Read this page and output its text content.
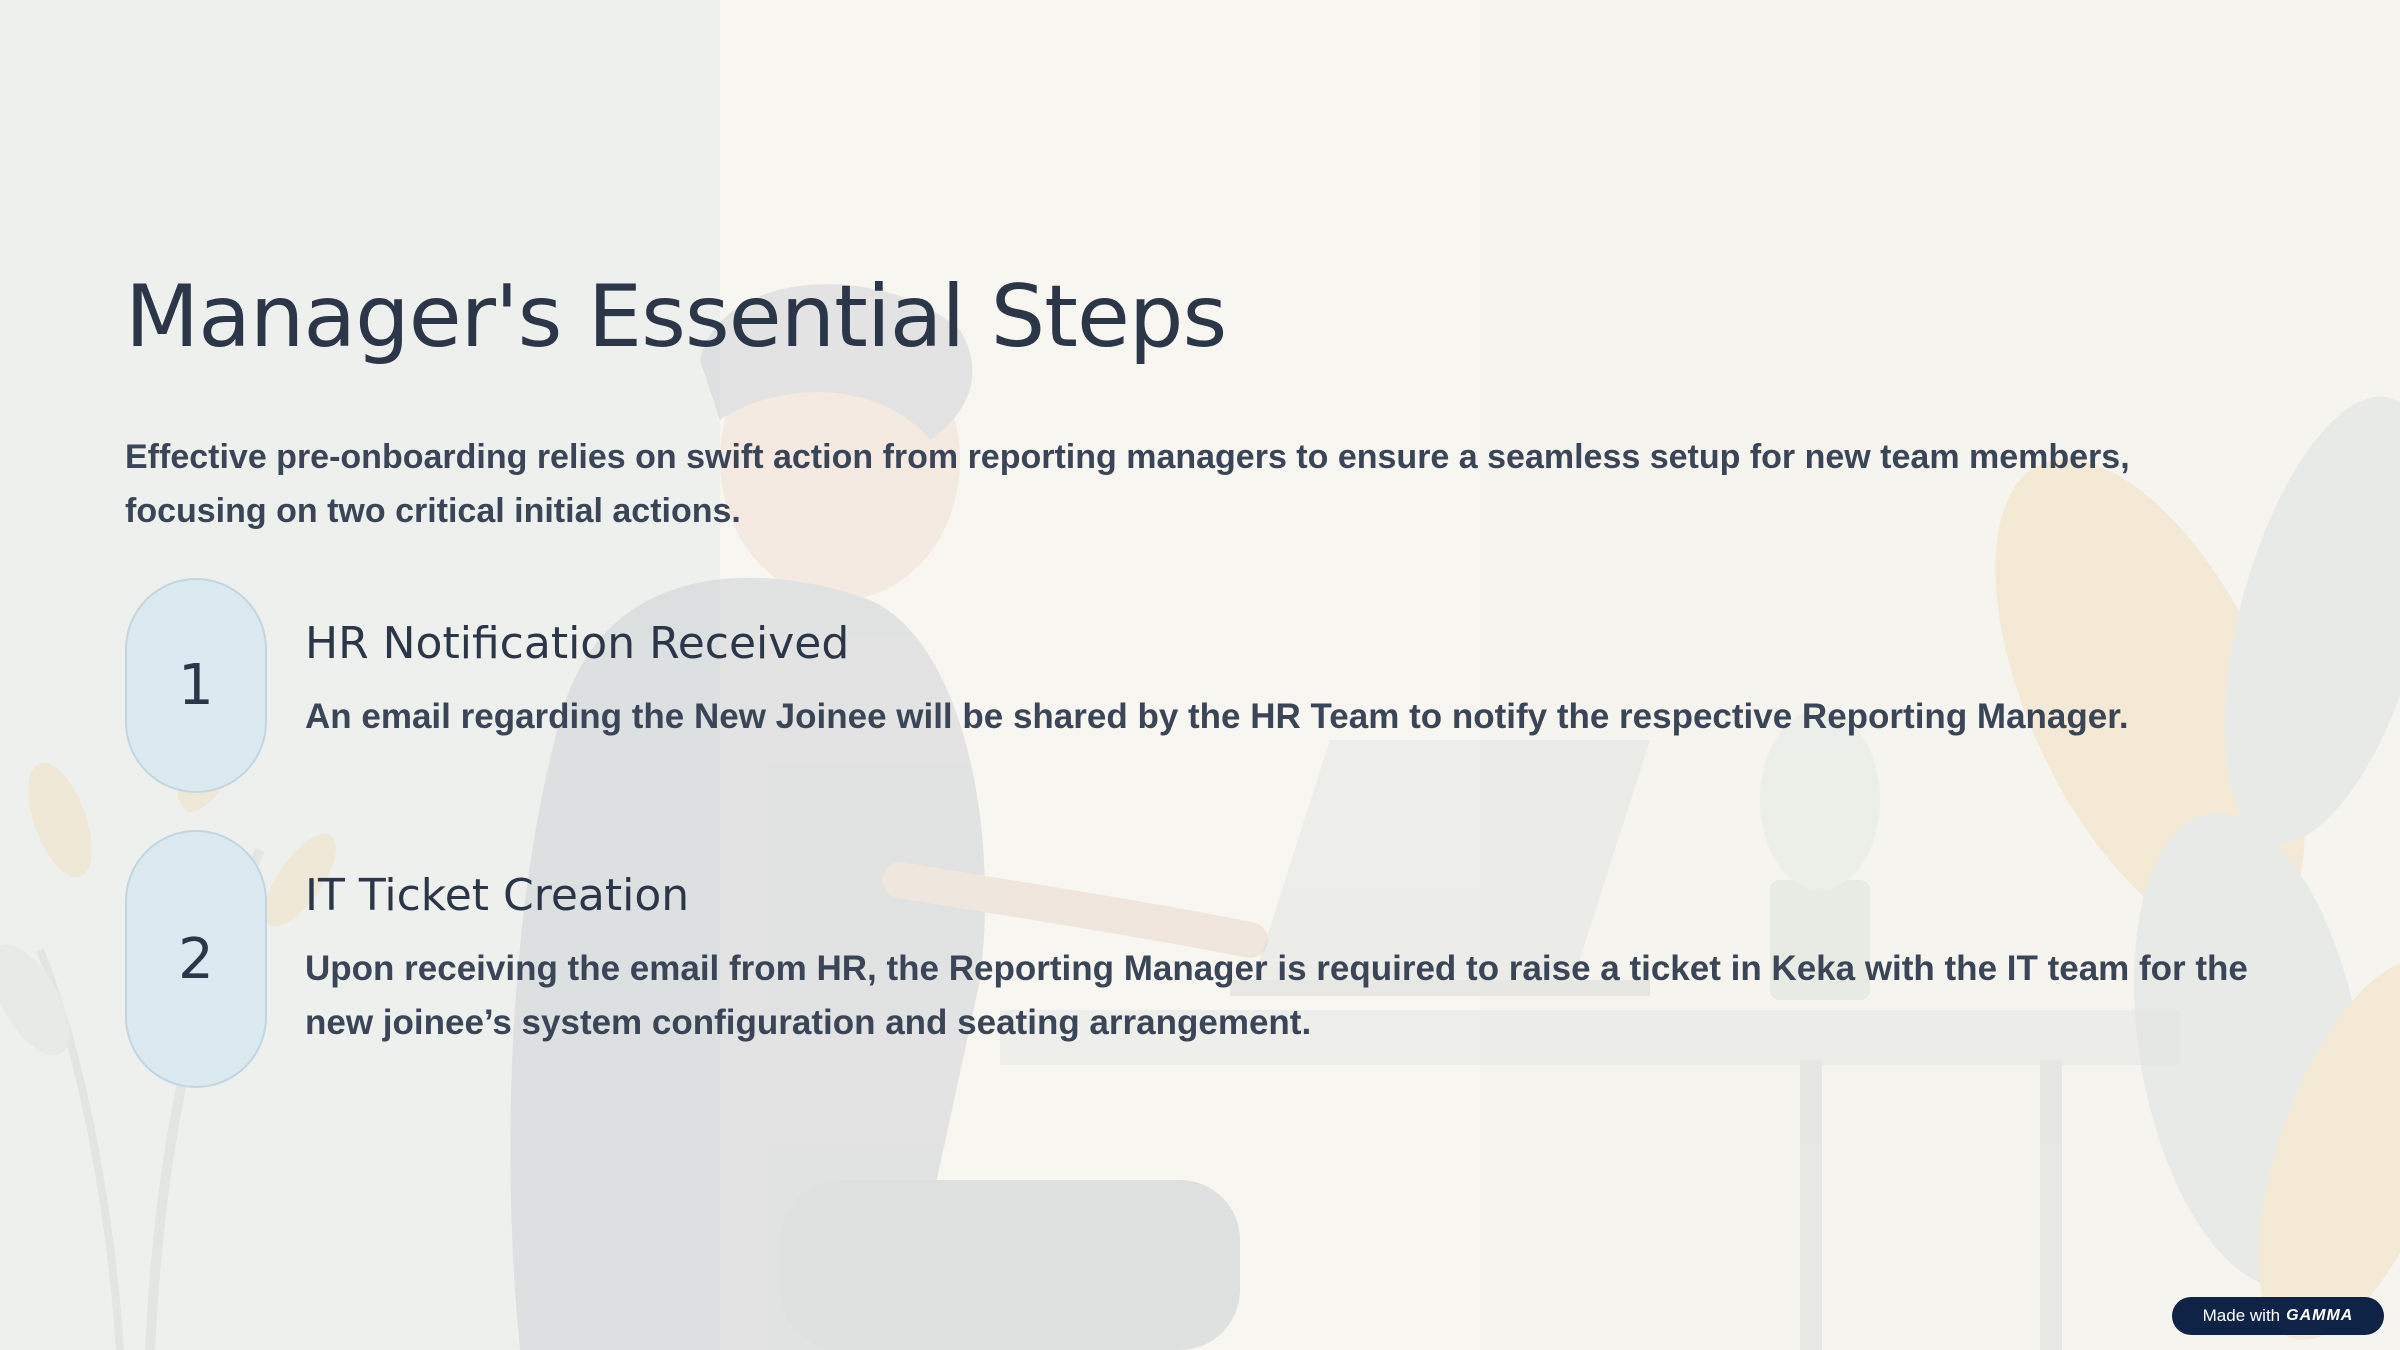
Manager's Essential Steps

Effective pre-onboarding relies on swift action from reporting managers to ensure a seamless setup for new team members, focusing on two critical initial actions.

1
HR Notification Received

An email regarding the New Joinee will be shared by the HR Team to notify the respective Reporting Manager.

2
IT Ticket Creation

Upon receiving the email from HR, the Reporting Manager is required to raise a ticket in Keka with the IT team for the new joinee’s system configuration and seating arrangement.

Made with GAMMA
